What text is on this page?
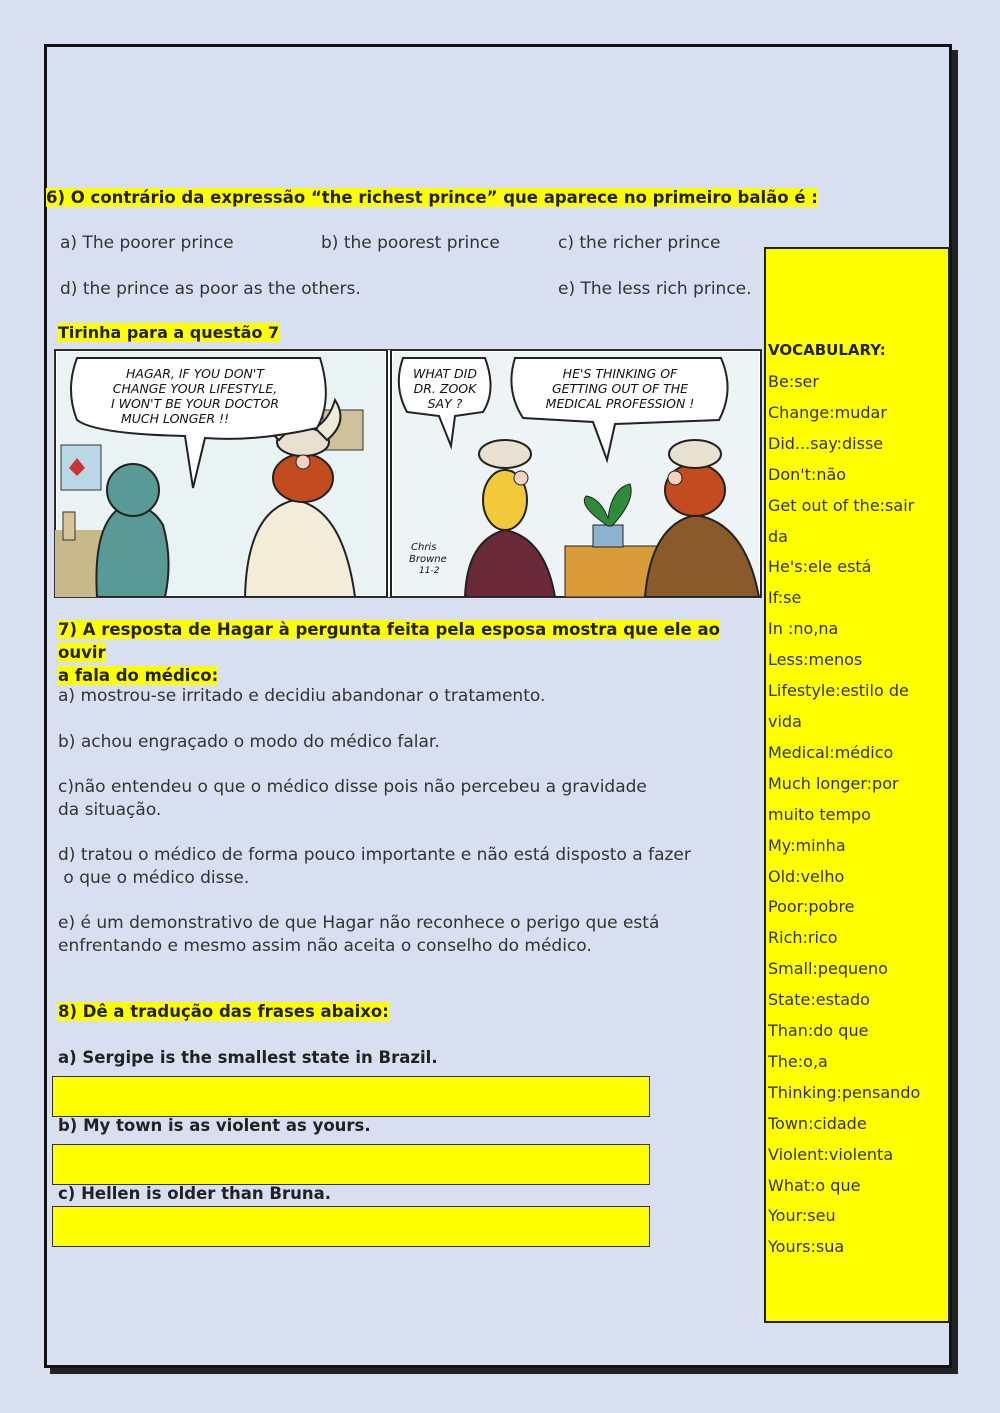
6) O contrário da expressão “the richest prince” que aparece no primeiro balão é :
a) The poorer prince	b) the poorest prince	c) the richer prince
d) the prince as poor as the others.	e) The less rich prince.
Tirinha para a questão 7
HAGAR, IF YOU DON'T
CHANGE YOUR LIFESTYLE,
I WON'T BE YOUR DOCTOR
MUCH LONGER !!
WHAT DID
DR. ZOOK
SAY ?
HE'S THINKING OF
GETTING OUT OF THE
MEDICAL PROFESSION !
Chris
Browne
11-2
7) A resposta de Hagar à pergunta feita pela esposa mostra que ele ao ouvir
a fala do médico:
a) mostrou-se irritado e decidiu abandonar o tratamento.
b) achou engraçado o modo do médico falar.
c)não entendeu o que o médico disse pois não percebeu a gravidade
da situação.
d) tratou o médico de forma pouco importante e não está disposto a fazer
o que o médico disse.
e) é um demonstrativo de que Hagar não reconhece o perigo que está
enfrentando e mesmo assim não aceita o conselho do médico.
8) Dê a tradução das frases abaixo:
a) Sergipe is the smallest state in Brazil.
b) My town is as violent as yours.
c) Hellen is older than Bruna.
VOCABULARY:
Be:ser
Change:mudar
Did...say:disse
Don't:não
Get out of the:sair
da
He's:ele está
If:se
In :no,na
Less:menos
Lifestyle:estilo de
vida
Medical:médico
Much longer:por
muito tempo
My:minha
Old:velho
Poor:pobre
Rich:rico
Small:pequeno
State:estado
Than:do que
The:o,a
Thinking:pensando
Town:cidade
Violent:violenta
What:o que
Your:seu
Yours:sua
